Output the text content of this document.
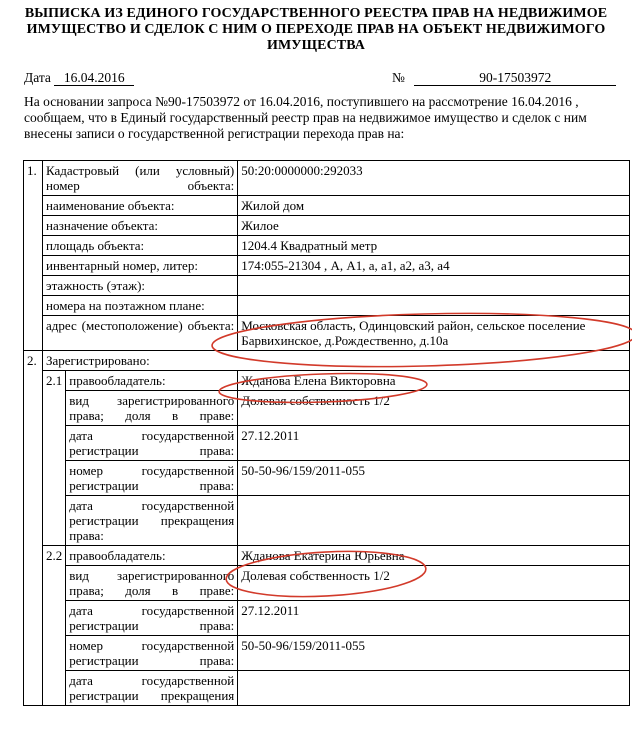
ВЫПИСКА ИЗ ЕДИНОГО ГОСУДАРСТВЕННОГО РЕЕСТРА ПРАВ НА НЕДВИЖИМОЕ
ИМУЩЕСТВО И СДЕЛОК С НИМ О ПЕРЕХОДЕ ПРАВ НА ОБЪЕКТ НЕДВИЖИМОГО
ИМУЩЕСТВА
Дата 16.04.2016	№	90-17503972
На основании запроса №90-17503972 от 16.04.2016, поступившего на рассмотрение 16.04.2016 ,
сообщаем, что в Единый государственный реестр прав на недвижимое имущество и сделок с ним
внесены записи о государственной регистрации перехода прав на:
1.	Кадастровый (или условный) номер объекта:		50:20:0000000:292033
	наименование объекта:		Жилой дом
	назначение объекта:		Жилое
	площадь объекта:		1204.4 Квадратный метр
	инвентарный номер, литер:		174:055-21304 , А, А1, а, а1, а2, а3, а4
	этажность (этаж):		
	номера на поэтажном плане:		
	адрес (местоположение) объекта:		Московская область, Одинцовский район, сельское поселение Барвихинское, д.Рождественно, д.10а
2.	Зарегистрировано:		
	2.1	правообладатель:	Жданова Елена Викторовна
		вид зарегистрированного права; доля в праве:	Долевая собственность 1/2
		дата государственной регистрации права:	27.12.2011
		номер государственной регистрации права:	50-50-96/159/2011-055
		дата государственной регистрации прекращения права:	
	2.2	правообладатель:	Жданова Екатерина Юрьевна
		вид зарегистрированного права; доля в праве:	Долевая собственность 1/2
		дата государственной регистрации права:	27.12.2011
		номер государственной регистрации права:	50-50-96/159/2011-055
		дата государственной регистрации прекращения	
